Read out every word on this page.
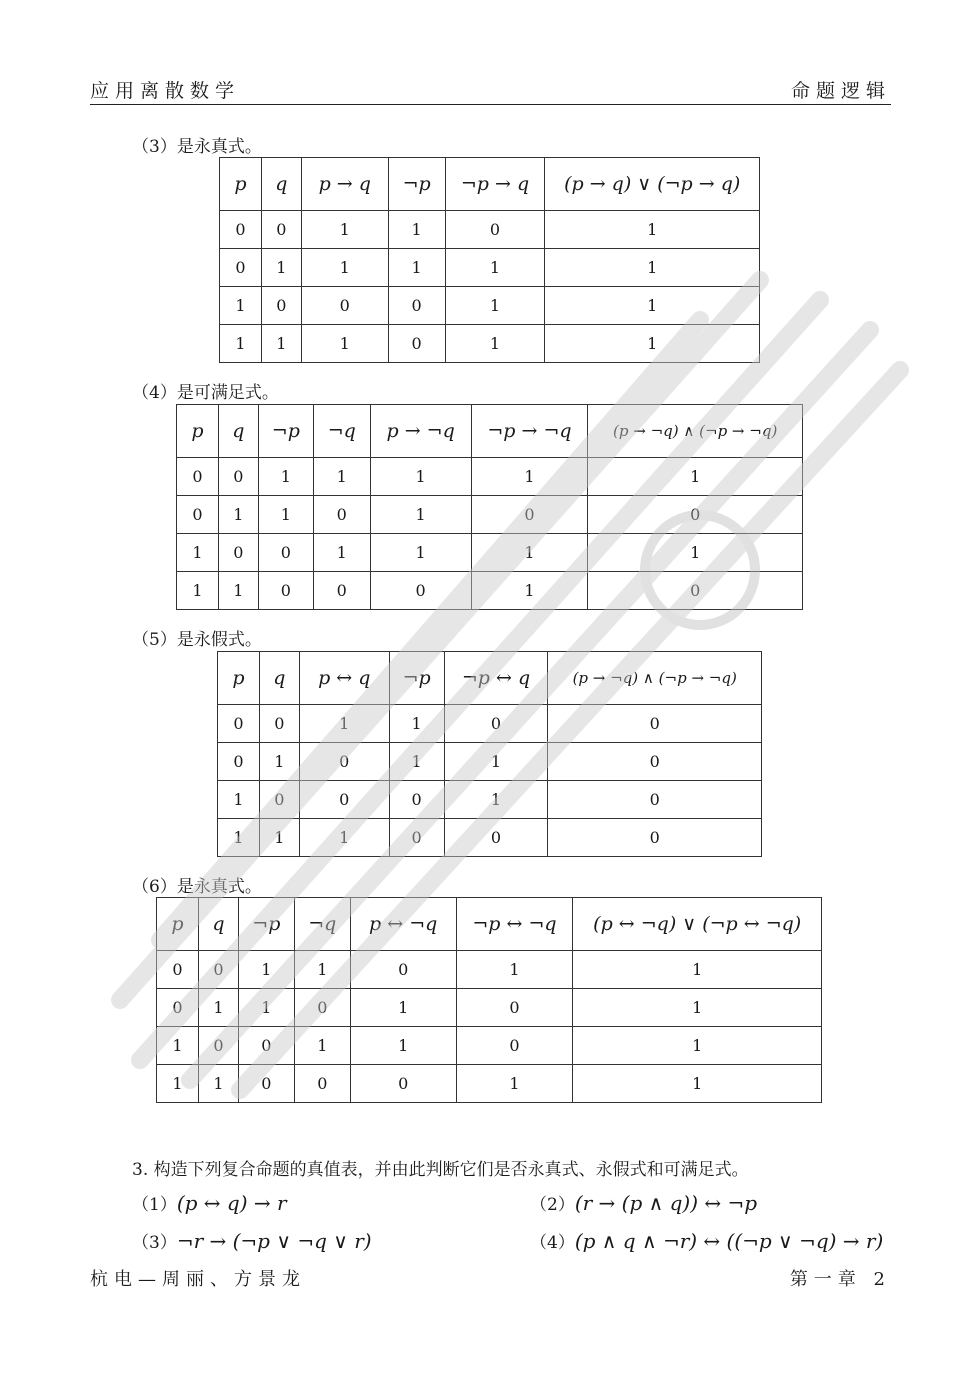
应用离散数学	命题逻辑
（3）是永真式。
p	q	p → q	¬p	¬p → q	(p → q) ∨ (¬p → q)
0	0	1	1	0	1
0	1	1	1	1	1
1	0	0	0	1	1
1	1	1	0	1	1
（4）是可满足式。
p	q	¬p	¬q	p → ¬q	¬p → ¬q	(p → ¬q) ∧ (¬p → ¬q)
0	0	1	1	1	1	1
0	1	1	0	1	0	0
1	0	0	1	1	1	1
1	1	0	0	0	1	0
（5）是永假式。
p	q	p ↔ q	¬p	¬p ↔ q	(p → ¬q) ∧ (¬p → ¬q)
0	0	1	1	0	0
0	1	0	1	1	0
1	0	0	0	1	0
1	1	1	0	0	0
（6）是永真式。
p	q	¬p	¬q	p ↔ ¬q	¬p ↔ ¬q	(p ↔ ¬q) ∨ (¬p ↔ ¬q)
0	0	1	1	0	1	1
0	1	1	0	1	0	1
1	0	0	1	1	0	1
1	1	0	0	0	1	1
3. 构造下列复合命题的真值表，并由此判断它们是否永真式、永假式和可满足式。
（1）(p ↔ q) → r	（2）(r → (p ∧ q)) ↔ ¬p
（3）¬r → (¬p ∨ ¬q ∨ r)	（4）(p ∧ q ∧ ¬r) ↔ ((¬p ∨ ¬q) → r)
杭电—周丽、方景龙	第一章 2
